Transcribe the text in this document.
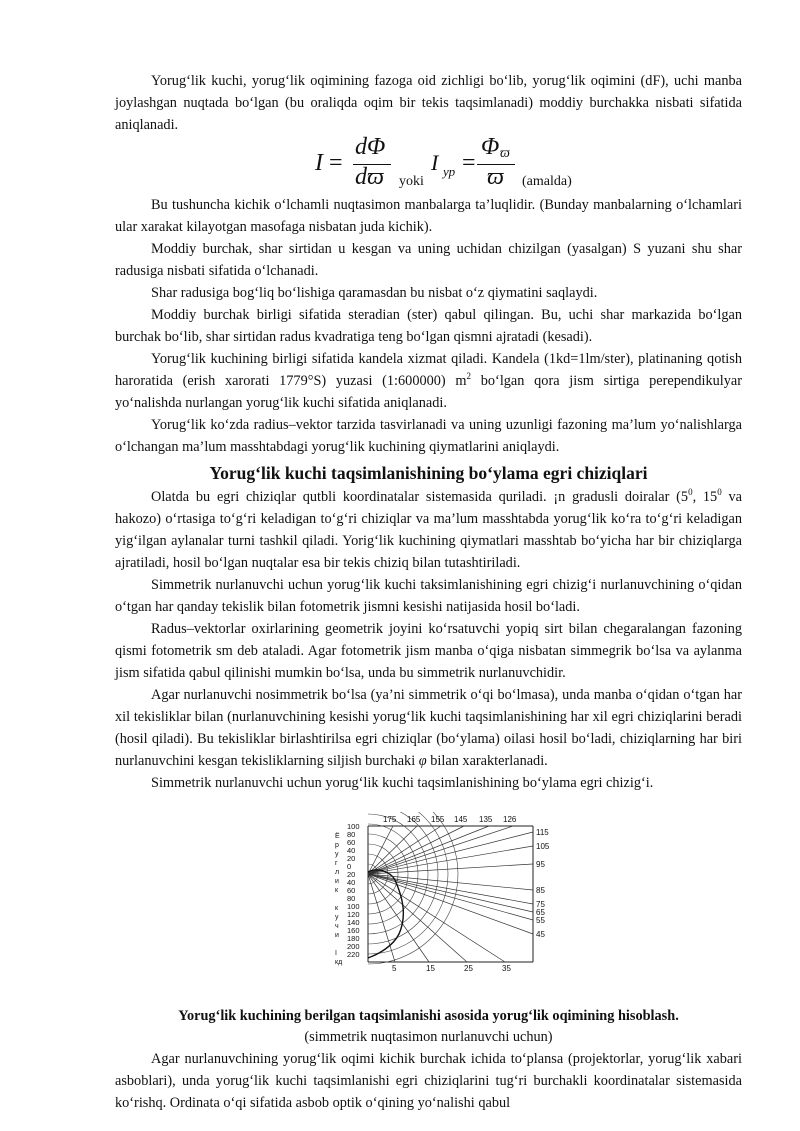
Yorug‘lik kuchi, yorug‘lik oqimining fazoga oid zichligi bo‘lib, yorug‘lik oqimini (dF), uchi manba joylashgan nuqtada bo‘lgan (bu oraliqda oqim bir tekis taqsimlanadi) moddiy burchakka nisbati sifatida aniqlanadi.

I =
dΦ
dϖ yoki
I ур =
Φ ϖ
ϖ (amalda)

Bu tushuncha kichik o‘lchamli nuqtasimon manbalarga ta’luqlidir. (Bunday manbalarning o‘lchamlari ular xarakat kilayotgan masofaga nisbatan juda kichik).

Moddiy burchak, shar sirtidan u kesgan va uning uchidan chizilgan (yasalgan) S yuzani shu shar radusiga nisbati sifatida o‘lchanadi.

Shar radusiga bog‘liq bo‘lishiga qaramasdan bu nisbat o‘z qiymatini saqlaydi.

Moddiy burchak birligi sifatida steradian (ster) qabul qilingan. Bu, uchi shar markazida bo‘lgan burchak bo‘lib, shar sirtidan radus kvadratiga teng bo‘lgan qismni ajratadi (kesadi).

Yorug‘lik kuchining birligi sifatida kandela xizmat qiladi. Kandela (1kd=1lm/ster), platinaning qotish haroratida (erish xarorati 1779°S) yuzasi (1:600000) $m^2$ bo‘lgan qora jism sirtiga perependikulyar yo‘nalishda nurlangan yorug‘lik kuchi sifatida aniqlanadi.

Yorug‘lik ko‘zda radius–vektor tarzida tasvirlanadi va uning uzunligi fazoning ma’lum yo‘nalishlarga o‘lchangan ma’lum masshtabdagi yorug‘lik kuchining qiymatlarini aniqlaydi.

Yorug‘lik kuchi taqsimlanishining bo‘ylama egri chiziqlari

Olatda bu egri chiziqlar qutbli koordinatalar sistemasida quriladi. ¡n gradusli doiralar ($5^0$, $15^0$ va hakozo) o‘rtasiga to‘g‘ri keladigan to‘g‘ri chiziqlar va ma’lum masshtabda yorug‘lik ko‘ra to‘g‘ri keladigan yig‘ilgan aylanalar turni tashkil qiladi. Yorig‘lik kuchining qiymatlari masshtab bo‘yicha har bir chiziqlarga ajratiladi, hosil bo‘lgan nuqtalar esa bir tekis chiziq bilan tutashtiriladi.

Simmetrik nurlanuvchi uchun yorug‘lik kuchi taksimlanishining egri chizig‘i nurlanuvchining o‘qidan o‘tgan har qanday tekislik bilan fotometrik jismni kesishi natijasida hosil bo‘ladi.

Radus–vektorlar oxirlarining geometrik joyini ko‘rsatuvchi yopiq sirt bilan chegaralangan fazoning qismi fotometrik sm deb ataladi. Agar fotometrik jism manba o‘qiga nisbatan simmegrik bo‘lsa va aylanma jism sifatida qabul qilinishi mumkin bo‘lsa, unda bu simmetrik nurlanuvchidir.

Agar nurlanuvchi nosimmetrik bo‘lsa (ya’ni simmetrik o‘qi bo‘lmasa), unda manba o‘qidan o‘tgan har xil tekisliklar bilan (nurlanuvchining kesishi yorug‘lik kuchi taqsimlanishining har xil egri chiziqlarini beradi (hosil qiladi). Bu tekisliklar birlashtirilsa egri chiziqlar (bo‘ylama) oilasi hosil bo‘ladi, chiziqlarning har biri nurlanuvchini kesgan tekisliklarning siljish burchaki φ bilan xarakterlanadi.

Simmetrik nurlanuvchi uchun yorug‘lik kuchi taqsimlanishining bo‘ylama egri chizig‘i.

175 165 155 145 135 126
115
105
95
85
75
65
55
45
5	15	25	35
100
80
60
40
20
0
20
40
60
80
100
120
140
160
180
200
220
Ё
р
у
г
л
и
к
к
у
ч
и
I
кд

Yorug‘lik kuchining berilgan taqsimlanishi asosida yorug‘lik oqimining hisoblash.

(simmetrik nuqtasimon nurlanuvchi uchun)

Agar nurlanuvchining yorug‘lik oqimi kichik burchak ichida to‘plansa (projektorlar, yorug‘lik xabari asboblari), unda yorug‘lik kuchi taqsimlanishi egri chiziqlarini tug‘ri burchakli koordinatalar sistemasida ko‘rishq. Ordinata o‘qi sifatida asbob optik o‘qining yo‘nalishi qabul
